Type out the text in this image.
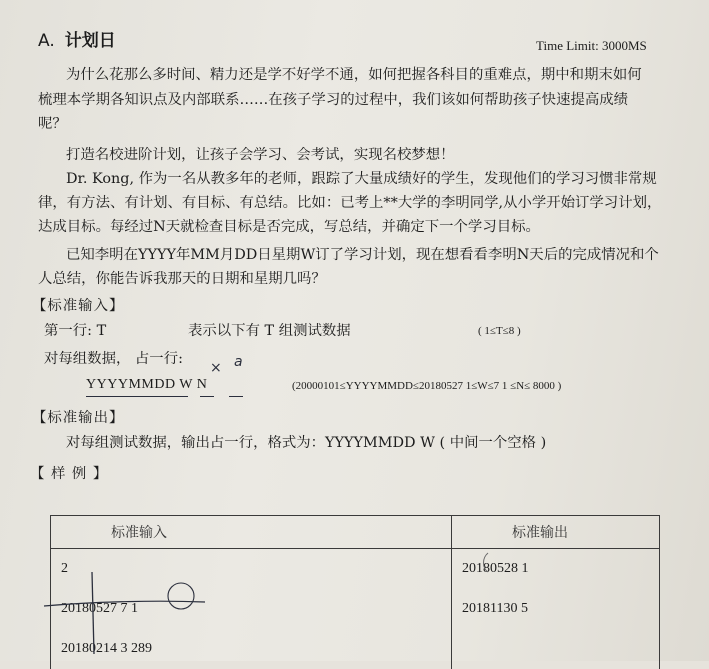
A. 计划日	Time Limit: 3000MS
为什么花那么多时间、精力还是学不好学不通，如何把握各科目的重难点，期中和期末如何
梳理本学期各知识点及内部联系……在孩子学习的过程中，我们该如何帮助孩子快速提高成绩
呢？
打造名校进阶计划，让孩子会学习、会考试，实现名校梦想！
Dr. Kong, 作为一名从教多年的老师，跟踪了大量成绩好的学生，发现他们的学习习惯非常规
律，有方法、有计划、有目标、有总结。比如：已考上**大学的李明同学,从小学开始订学习计划，
达成目标。每经过N天就检查目标是否完成，写总结，并确定下一个学习目标。
已知李明在YYYY年MM月DD日星期W订了学习计划，现在想看看李明N天后的完成情况和个
人总结，你能告诉我那天的日期和星期几吗？
【标准输入】
第一行: T	表示以下有 T 组测试数据	( 1≤T≤8 )
对每组数据， 占一行:
× a
YYYYMMDD W N	(20000101≤YYYYMMDD≤20180527 1≤W≤7 1 ≤N≤ 8000 )
【标准输出】
对每组测试数据，输出占一行，格式为：YYYYMMDD W ( 中间一个空格 )
【 样 例 】
标准输入	标准输出
2	20180528 1
20180527 7 1	20181130 5
20180214 3 289	
